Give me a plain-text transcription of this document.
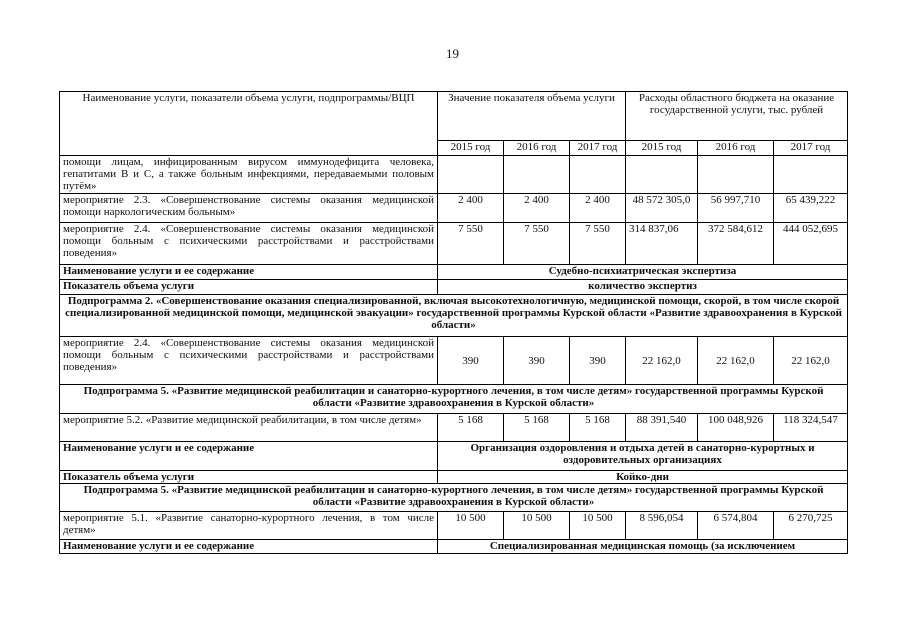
19
Наименование услуги, показатели объема услуги, подпрограммы/ВЦП	Значение показателя объема услуги			Расходы областного бюджета на оказание государственной услуги, тыс. рублей		
	2015 год	2016 год	2017 год	2015 год	2016 год	2017 год
помощи лицам, инфицированным вирусом иммунодефицита человека, гепатитами В и С, а также больным инфекциями, передаваемыми половым путём»						
мероприятие 2.3. «Совершенствование системы оказания медицинской помощи наркологическим больным»	2 400	2 400	2 400	48 572 305,0	56 997,710	65 439,222
мероприятие 2.4. «Совершенствование системы оказания медицинской помощи больным с психическими расстройствами и расстройствами поведения»	7 550	7 550	7 550	314 837,06	372 584,612	444 052,695
Наименование услуги и ее содержание	Судебно-психиатрическая экспертиза					
Показатель объема услуги	количество экспертиз					
Подпрограмма 2. «Совершенствование оказания специализированной, включая высокотехнологичную, медицинской помощи, скорой, в том числе скорой специализированной медицинской помощи, медицинской эвакуации» государственной программы Курской области «Развитие здравоохранения в Курской области»						
мероприятие 2.4. «Совершенствование системы оказания медицинской помощи больным с психическими расстройствами и расстройствами поведения»	390	390	390	22 162,0	22 162,0	22 162,0
Подпрограмма 5. «Развитие медицинской реабилитации и санаторно-курортного лечения, в том числе детям» государственной программы Курской области «Развитие здравоохранения в Курской области»						
мероприятие 5.2. «Развитие медицинской реабилитации, в том числе детям»	5 168	5 168	5 168	88 391,540	100 048,926	118 324,547
Наименование услуги и ее содержание	Организация оздоровления и отдыха детей в санаторно-курортных и оздоровительных организациях					
Показатель объема услуги	Койко-дни					
Подпрограмма 5. «Развитие медицинской реабилитации и санаторно-курортного лечения, в том числе детям» государственной программы Курской области «Развитие здравоохранения в Курской области»						
мероприятие 5.1. «Развитие санаторно-курортного лечения, в том числе детям»	10 500	10 500	10 500	8 596,054	6 574,804	6 270,725
Наименование услуги и ее содержание	Специализированная медицинская помощь (за исключением					
